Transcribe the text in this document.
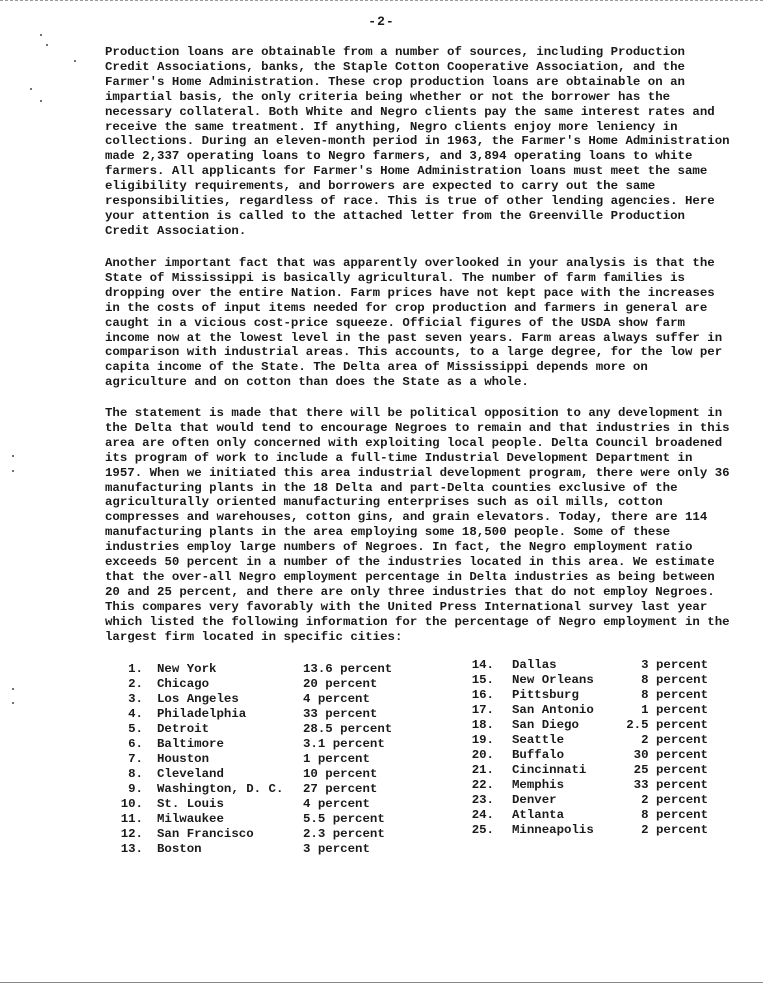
-2-

Production loans are obtainable from a number of sources, including Production Credit Associations, banks, the Staple Cotton Cooperative Association, and the Farmer's Home Administration. These crop production loans are obtainable on an impartial basis, the only criteria being whether or not the borrower has the necessary collateral. Both White and Negro clients pay the same interest rates and receive the same treatment. If anything, Negro clients enjoy more leniency in collections. During an eleven-month period in 1963, the Farmer's Home Administration made 2,337 operating loans to Negro farmers, and 3,894 operating loans to white farmers. All applicants for Farmer's Home Administration loans must meet the same eligibility requirements, and borrowers are expected to carry out the same responsibilities, regardless of race. This is true of other lending agencies. Here your attention is called to the attached letter from the Greenville Production Credit Association.

Another important fact that was apparently overlooked in your analysis is that the State of Mississippi is basically agricultural. The number of farm families is dropping over the entire Nation. Farm prices have not kept pace with the increases in the costs of input items needed for crop production and farmers in general are caught in a vicious cost-price squeeze. Official figures of the USDA show farm income now at the lowest level in the past seven years. Farm areas always suffer in comparison with industrial areas. This accounts, to a large degree, for the low per capita income of the State. The Delta area of Mississippi depends more on agriculture and on cotton than does the State as a whole.

The statement is made that there will be political opposition to any development in the Delta that would tend to encourage Negroes to remain and that industries in this area are often only concerned with exploiting local people. Delta Council broadened its program of work to include a full-time Industrial Development Department in 1957. When we initiated this area industrial development program, there were only 36 manufacturing plants in the 18 Delta and part-Delta counties exclusive of the agriculturally oriented manufacturing enterprises such as oil mills, cotton compresses and warehouses, cotton gins, and grain elevators. Today, there are 114 manufacturing plants in the area employing some 18,500 people. Some of these industries employ large numbers of Negroes. In fact, the Negro employment ratio exceeds 50 percent in a number of the industries located in this area. We estimate that the over-all Negro employment percentage in Delta industries as being between 20 and 25 percent, and there are only three industries that do not employ Negroes. This compares very favorably with the United Press International survey last year which listed the following information for the percentage of Negro employment in the largest firm located in specific cities:

1. New York	13.6 percent
2. Chicago	20 percent
3. Los Angeles	4 percent
4. Philadelphia	33 percent
5. Detroit	28.5 percent
6. Baltimore	3.1 percent
7. Houston	1 percent
8. Cleveland	10 percent
9. Washington, D. C. 27 percent
10. St. Louis	4 percent
11. Milwaukee	5.5 percent
12. San Francisco	2.3 percent
13. Boston	3 percent
14. Dallas	3 percent
15. New Orleans	8 percent
16. Pittsburg	8 percent
17. San Antonio	1 percent
18. San Diego	2.5 percent
19. Seattle	2 percent
20. Buffalo	30 percent
21. Cincinnati	25 percent
22. Memphis	33 percent
23. Denver	2 percent
24. Atlanta	8 percent
25. Minneapolis	2 percent
